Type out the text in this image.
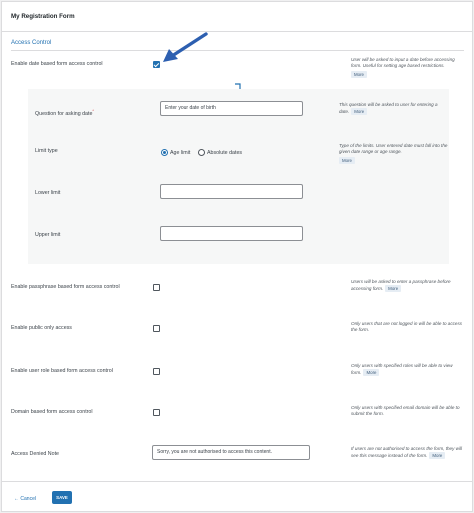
My Registration Form
Access Control
Enable date based form access control
User will be asked to input a date before accessing form. Useful for setting age based restrictions.
More
Question for asking date*	Enter your date of birth
This question will be asked to user for entering a date. More
Limit type	Age limit	Absolute dates
Type of the limits. User entered date must fall into the given date range or age range.
More
Lower limit
Upper limit
Enable passphrase based form access control
Users will be asked to enter a passphrase before accessing form. More
Enable public only access
Only users that are not logged in will be able to access the form.
Enable user role based form access control
Only users with specified roles will be able to view form. More
Domain based form access control
Only users with specified email domain will be able to submit the form.
Access Denied Note	Sorry, you are not authorised to access this content.
If users are not authorised to access the form, they will see this message instead of the form. More
← Cancel	SAVE
